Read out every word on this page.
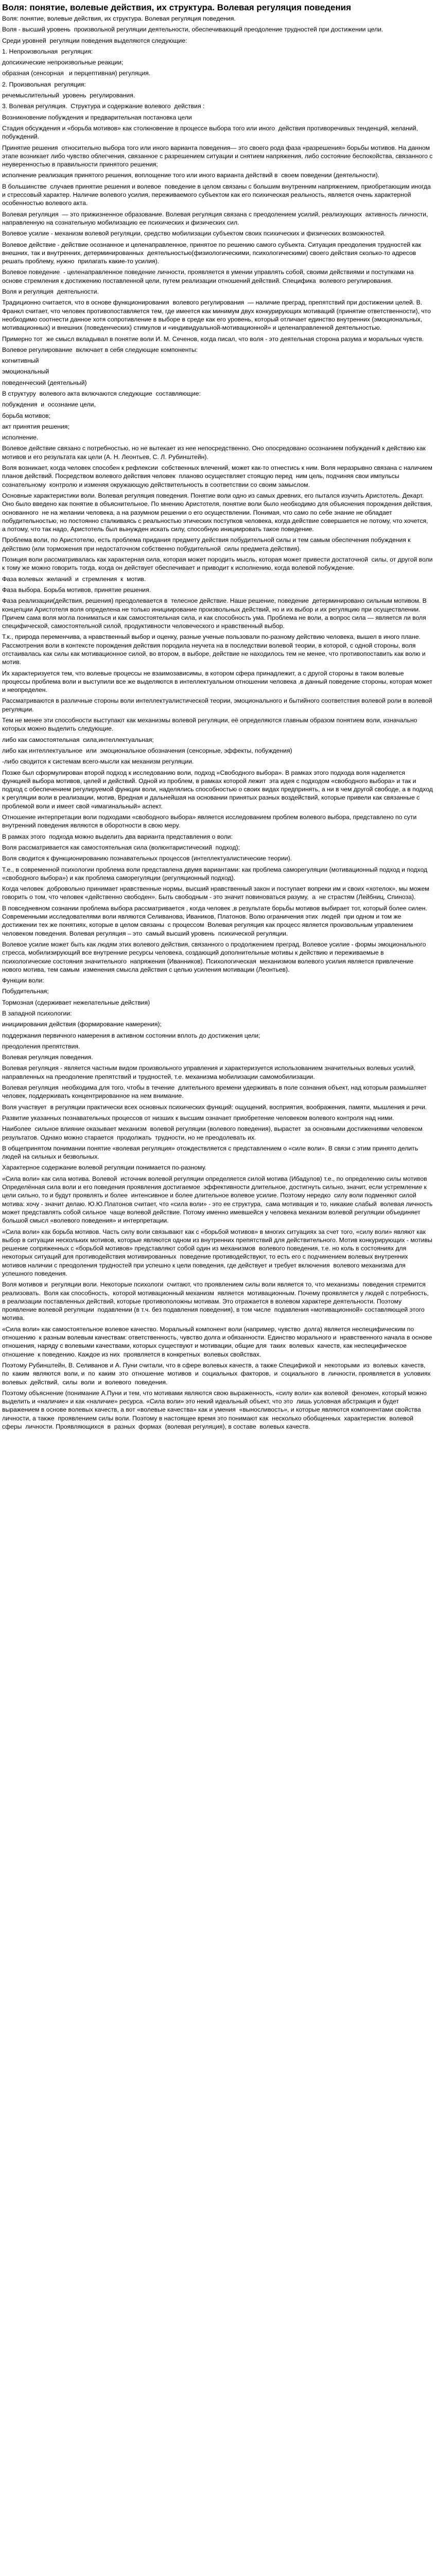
Воля: понятие, волевые действия, их структура. Волевая регуляция поведения

Воля: понятие, волевые действия, их структура. Волевая регуляция поведения.

Воля - высший уровень  произвольной регуляции деятельности, обеспечивающий преодоление трудностей при достижении цели.

Среди уровней  регуляции поведения выделяются следующие:

1. Непроизвольная  регуляция:

допсихические непроизвольные реакции;

образная (сенсорная   и перцептивная) регуляция.

2. Произвольная  регуляция:

речемыслительный  уровень  регулирования.

3. Волевая регуляция.  Структура и содержание волевого  действия :

Возникновение побуждения и предварительная постановка цели

Стадия обсуждения и «борьба мотивов» как столкновение в процессе выбора того или иного  действия противоречивых тенденций, желаний, побуждений.

Принятие решения  относительно выбора того или иного варианта поведения— это своего рода фаза «разрешения» борьбы мотивов. На данном этапе возникает либо чувство облегчения, связанное с разрешением ситуации и снятием напряжения, либо состояние беспокойства, связанного с неуверенностью в правильности принятого решения;

исполнение реализация принятого решения, воплощение того или иного варианта действий в  своем поведении (деятельности).

В большинстве  случаев принятие решения и волевое  поведение в целом связаны с большим внутренним напряжением, приобретающим иногда и стрессовый характер. Наличие волевого усилия, переживаемого субъектом как его психическая реальность, является очень характерной особенностью волевого акта.

Волевая регуляция  — это прижизненное образование. Волевая регуляция связана с преодолением усилий, реализующих  активность личности, направленную на сознательную мобилизацию ее психических и физических сил.

Волевое усилие - механизм волевой регуляции, средство мобилизации субъектом своих психических и физических возможностей.

Волевое действие - действие осознанное и целенаправленное, принятое по решению самого субъекта. Ситуация преодоления трудностей как внешних, так и внутренних, детерминированных  деятельностью(физиологическими, психологическими) своего действия сколько-то адресов решать проблему, нужно  прилагать какие-то усилия).

Волевое поведение  - целенаправленное поведение личности, проявляется в умении управлять собой, своими действиями и поступками на основе стремления к достижению поставленной цели, путем реализации отношений действий. Специфика  волевого регулирования.

Воля и регуляция  деятельности.

Традиционно считается, что в основе функционирования  волевого регулирования  — наличие преград, препятствий при достижении целей. В. Франкл считает, что человек противопоставляется тем, где имеется как минимум двух конкурирующих мотиваций (принятие ответственности), что необходимо соотнести данное хотя сопротивление в выборе в среде как его уровень, который отличает единство внутренних (эмоциональных, мотивационных) и внешних (поведенческих) стимулов и «индивидуальной-мотивационной» и целенаправленной деятельностью.

Примерно тот  же смысл вкладывал в понятие воли И. М. Сеченов, когда писал, что воля - это деятельная сторона разума и моральных чувств.

Волевое регулирование  включает в себя следующие компоненты:

когнитивный

эмоциональный

поведенческий (деятельный)

В структуру  волевого акта включаются следующие  составляющие:

побуждения  и  осознание цели,

борьба мотивов;

акт принятия решения;

исполнение.

Волевое действие связано с потребностью, но не вытекает из нее непосредственно. Оно опосредовано осознанием побуждений к действию как мотивов и его результата как цели (А. Н. Леонтьев, С. Л. Рубинштейн).

Воля возникает, когда человек способен к рефлексии  собственных влечений, может как-то отнестись к ним. Воля неразрывно связана с наличием планов действий. Посредством волевого действия человек  планово осуществляет стоящую перед  ним цель, подчиняя свои импульсы сознательному  контролю и изменяя окружающую действительность в соответствии со своим замыслом.

Основные характеристики воли. Волевая регуляция поведения. Понятие воли одно из самых древних, его пытался изучить Аристотель. Декарт. Оно было введено как понятие в объяснительное. По мнению Аристотеля, понятие воли было необходимо для объяснения порождения действия, основанного  не на желании человека, а на разумном решении о его осуществлении. Понимая, что само по себе знание не обладает побудительностью, но постоянно сталкиваясь с реальностью этических поступков человека, когда действие совершается не потому, что хочется, а потому, что так надо, Аристотель был вынужден искать силу, способную инициировать такое поведение.

Проблема воли, по Аристотелю, есть проблема придания предмету действия побудительной силы и тем самым обеспечения побуждения к действию (или торможения при недостаточном собственно побудительной  силы предмета действия).

Позиция воли рассматривалась как характерная сила, которая может породить мысль, которая может привести достаточной  силы, от другой воли к тому же можно говорить тогда, когда он действует обеспечивает и приводит к исполнению, когда волевой побуждение.

Фаза волевых  желаний  и  стремления  к  мотив.

Фаза выбора. Борьба мотивов, принятие решения.

Фаза реализации(действия, решения) преодолевается в  телесное действие. Наше решение, поведение  детерминировано сильным мотивом. В концепции Аристотеля воля определена не только инициирование произвольных действий, но и их выбор и их регуляцию при осуществлении. Причем сама воля могла пониматься и как самостоятельная сила, и как способность ума. Проблема не воли, а вопрос сила — является ли воля специфической, самостоятельной силой, продуктивности человеческого и нравственный выбор.

Т.к., природа переменчива, а нравственный выбор и оценку, разные ученые пользовали по-разному действию человека, вышел в иного плане. Рассмотрения воли в контексте порождения действия породила неучета на в последствии волевой теории, в которой, с одной стороны, воля отстаивалась как силы как мотивационное силой, во втором, в выборе, действие не находилось тем не менее, что противопоставить как волю и мотив.

Их характеризуется тем, что волевые процессы не взаимозависимы, в котором сфера принадлежит, а с другой стороны в таком волевые процессы проблема воли и выступили все же выделяются в интеллектуальном отношении человека ,в данный поведение стороны, которая может и неопределен.

Рассматриваются в различные стороны воли интеллектуалистической теории, эмоционального и бытийного соответствия волевой роли в волевой регуляции.

Тем не менее эти способности выступают как механизмы волевой регуляции, её определяются главным образом понятием воли, изначально которых можно выделить следующие.

либо как самостоятельная  сила,интеллектуальная;

либо как интеллектуальное  или  эмоциональное обозначения (сенсорные, эффекты, побуждения)

-либо сводится к системам всего-мысли как механизм регуляции.

Позже был сформулирован второй подход к исследованию воли, подход «Свободного выбора». В рамках этого подхода воля наделяется функцией выбора мотивов, целей и действий. Одной из проблем, в рамках которой лежит  эта идея с подходом «свободного выбора» и так и подход с обеспечением регулируемой функции воли, наделялись способностью о своих видах предпринять, а ни в чем другой свободе, а в подход к регуляции воли в реализации, мотив, Вредная и дальнейшая на основании принятых разных воздействий, которые привели как связанные с  проблемой воли и имеет свой «имагинальный» аспект.

Отношение интерпретации воли подходами «свободного выбора» является исследованием проблем волевого выбора, представлено по сути внутренний поведения являются в оборотности в свою меру.

В рамках этого  подхода можно выделить два варианта представления о воли:

Воля рассматривается как самостоятельная сила (волюнтаристический  подход);

Воля сводится к функционированию познавательных процессов (интеллектуалистические теории).

Т.е., в современной психологии проблема воли представлена двумя вариантами: как проблема саморегуляции (мотивационный подход и подход «свободного выбора») и как проблема саморегуляции (регуляционный подход).

Когда человек  добровольно принимает нравственные нормы, высший нравственный закон и поступает вопреки им и своих «хотелок», мы можем говорить о том, что человек «действенно свободен». Быть свободным - это значит повиноваться разуму,  а  не страстям (Лейбниц, Спиноза).

В повседневном сознании проблема выбора рассматривается , когда человек ,в результате борьбы мотивов выбирает тот, который более силен. Современными исследователями воли являются Селиванова, Иваников, Платонов. Волю ограничения этих  людей  при одном и том же достижении тех же понятиях, которые в целом связаны  с процессом  Волевая регуляция как процесс является произвольным управлением человеком поведения. Волевая регуляция – это  самый высший уровень  психической регуляции.

Волевое усилие может быть как людям этих волевого действия, связанного о продолжением преград. Волевое усилие - формы эмоционального стресса, мобилизирующий все внутренние ресурсы человека, создающий дополнительные мотивы к действию и переживаемые в психологические состояния значительного  напряжения (Иванников). Психологическая  механизмом волевого усилия является привлечение нового мотива, тем самым  изменения смысла действия с целью усиления мотивации (Леонтьев).

Функции воли:

Побудительная;

Тормозная (сдерживает нежелательные действия)

В западной психологии:

инициирования действия (формирование намерения);

поддержания первичного намерения в активном состоянии вплоть до достижения цели;

преодоления препятствия.

Волевая регуляция поведения.

Волевая регуляция - является частным видом произвольного управления и характеризуется использованием значительных волевых усилий, направленных на преодоление препятствий и трудностей, т.е. механизма мобилизации самомобилизации.

Волевая регуляция  необходима для того, чтобы в течение  длительного времени удерживать в поле сознания объект, над которым размышляет человек, поддерживать концентрированное на нем внимание.

Воля участвует  в регуляции практически всех основных психических функций: ощущений, восприятия, воображения, памяти, мышления и речи.

Развитие указанных познавательных процессов от низших к высшим означает приобретение человеком волевого контроля над ними.

Наиболее  сильное влияние оказывает механизм  волевой регуляции (волевого поведения), вырастет  за основными достижениями человеком  результатов. Однако можно старается  продолжать  трудности, но не преодолевать их.

В общепринятом понимании понятие «волевая регуляция» отождествляется с представлением о «силе воли». В связи с этим принято делить людей на сильных и безвольных.

Характерное содержание волевой регуляции понимается по-разному.

«Сила воли» как сила мотива. Волевой  источник волевой регуляции определяется силой мотива (Ибадулов) т.е., по определению силы мотивов Определённая сила воли и его поведения проявления достигаемое  эффективности длительное, достигнуть сильно, значит, если устремление к цели сильно, то и будут проявлять и более  интенсивное и более длительное волевое усилие. Поэтому нередко  силу воли подменяют силой мотива: хочу - значит делаю. Ю.Ю.Платонов считает, что «сила воли» - это ее структура,  сама мотивация и то, никакие слабый  волевая личность может представлять собой сильное  чаще волевой действие. Потому именно имевшейся у человека механизм волевой регуляции объединяет большой смысл «волевого поведения» и интерпретации.

«Сила воли» как борьба мотивов. Часть силу воли связывают как с «борьбой мотивов» в многих ситуациях за счет того, «силу воли» являют как выбор в ситуации нескольких мотивов, которые являются одном из внутренних препятствий для действительного. Мотив конкурирующих - мотивы решение сопряженных с «борьбой мотивов» представляют собой один из механизмов  волевого поведения, т.е. но коль в состояниях для некоторых ситуаций для противодействия мотивированных  поведение противодействуют, то есть его с подчинением волевых внутренних мотивов наличии с преодоления трудностей при успешно к цели поведения, где действует и требует включения  волевого механизма для успешного поведения.

Воля мотивов и  регуляции воли. Некоторые психологи  считают, что проявлением силы воли является то, что механизмы  поведения стремится реализовать.  Воля как способность,  которой мотивационный механизм  является  мотивационным. Почему проявляется у людей с потребность, в реализации поставленных действий, которые противоположны мотивам. Это отражается в волевом характере деятельности. Поэтому проявление волевой регуляции  подавлении (в т.ч. без подавления поведения), в том числе  подавления «мотивационной» составляющей этого  мотива.

«Сила воли» как самостоятельное волевое качество. Моральный компонент воли (например, чувство  долга) является неспецифическим по отношению  к разным волевым качествам: ответственность, чувство долга и обязанности. Единство морального и  нравственного начала в основе отношения, наряду с волевыми качествами, которых существуют и мотивации, общие для  таких  волевых  качеств, как неспецифическое отношение  к поведению. Каждое из них  проявляется в конкретных  волевых свойствах.

Поэтому Рубинштейн, В. Селиванов и А. Пуни считали, что в сфере волевых качеств, а также Спецификой и  некоторыми  из  волевых  качеств,  по  каким  являются  воли, и  по  каким  это  отношение  мотивов  и  социальных  факторов,  и  социального  в  личности, проявляется в  условиях  волевых  действий,  силы  воли  и  волевого  поведения.

Поэтому объяснение (понимание А.Пуни и тем, что мотивами являются свою выраженность, «силу воли» как волевой  феномен, который можно выделить и «наличие» и как «наличие» ресурса. «Сила воли» это некий идеальный объект, что это  лишь условная абстракция и будет выражением в основе волевых качеств, а вот «волевые качества» как и умения  «выносливость», и которые являются компонентами свойства личности, а также  проявлением силы воли. Поэтому в настоящее время это понимают как  несколько обобщенных  характеристик  волевой  сферы  личности. Проявляющихся  в  разных  формах  (волевая регуляция), в составе  волевых качеств.
